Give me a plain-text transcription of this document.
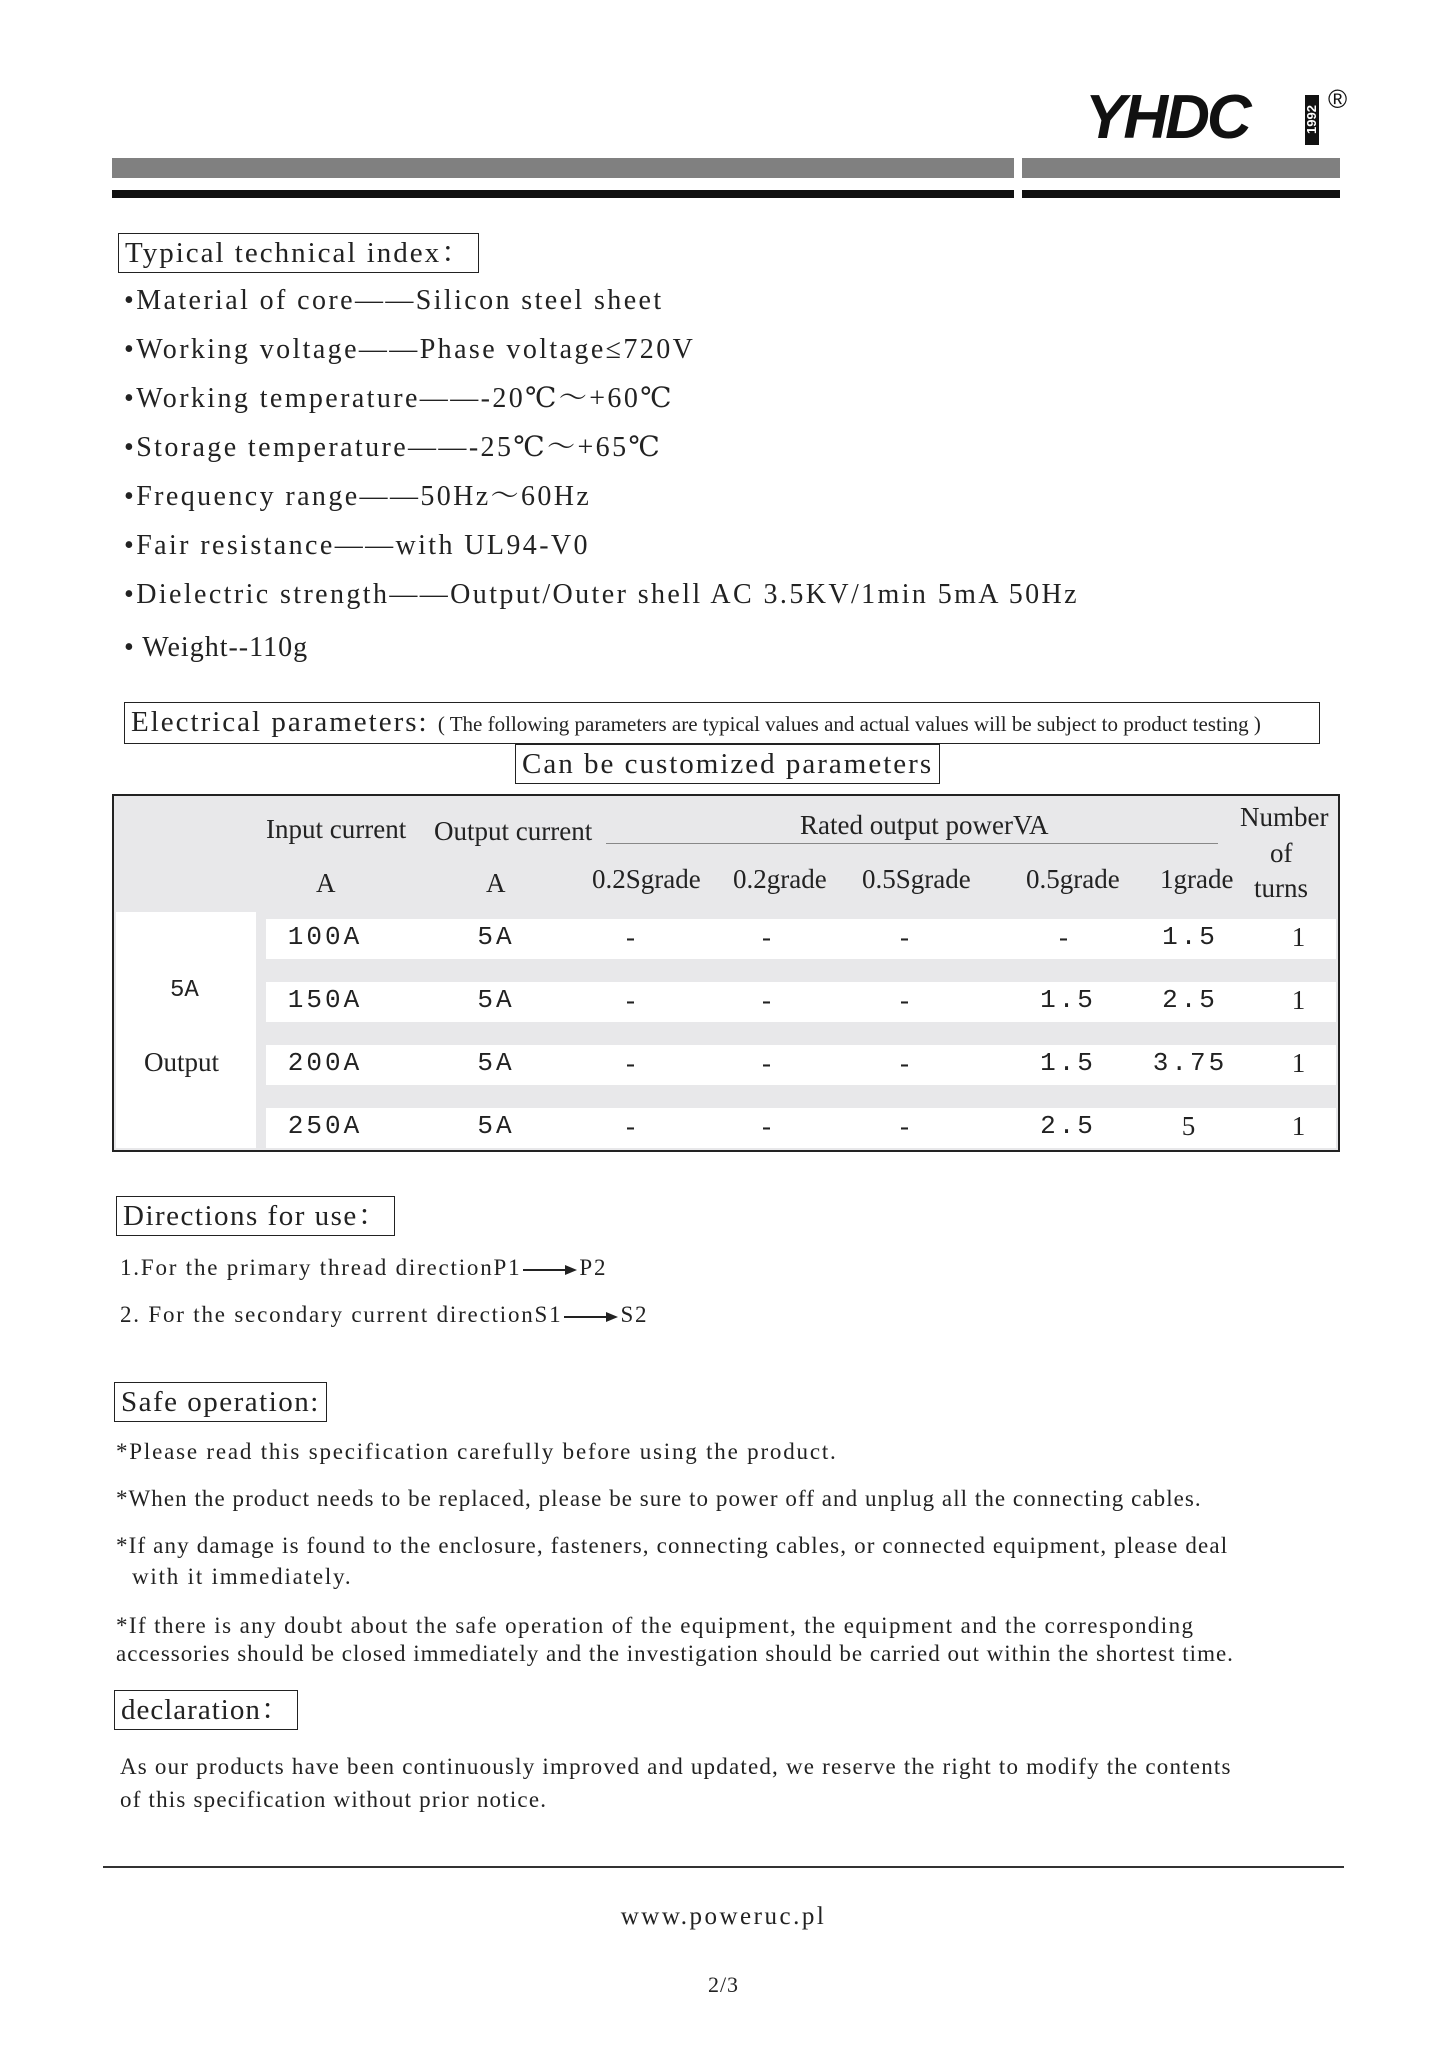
YHDC	1992
®
Typical technical index：
•Material of core——Silicon steel sheet
•Working voltage——Phase voltage≤720V
•Working temperature——-20℃～+60℃
•Storage temperature——-25℃～+65℃
•Frequency range——50Hz～60Hz
•Fair resistance——with UL94-V0
•Dielectric strength——Output/Outer shell AC 3.5KV/1min 5mA 50Hz
• Weight--110g
Electrical parameters: ( The following parameters are typical values and actual values will be subject to product testing )
Can be customized parameters
Input current Output current	Rated output powerVA	Number
of
turns
A	A	0.2Sgrade 0.2grade 0.5Sgrade 0.5grade 1grade
5A
Output
100A	5A	-	-	-	-	1.5	1
150A	5A	-	-	-	1.5	2.5	1
200A	5A	-	-	-	1.5	3.75	1
250A	5A	-	-	-	2.5	5	1
Directions for use：
1.For the primary thread directionP1	P2
2. For the secondary current directionS1	S2
Safe operation:
*Please read this specification carefully before using the product.
*When the product needs to be replaced, please be sure to power off and unplug all the connecting cables.
*If any damage is found to the enclosure, fasteners, connecting cables, or connected equipment, please deal
with it immediately.
*If there is any doubt about the safe operation of the equipment, the equipment and the corresponding
accessories should be closed immediately and the investigation should be carried out within the shortest time.
declaration：
As our products have been continuously improved and updated, we reserve the right to modify the contents
of this specification without prior notice.
www.poweruc.pl
2/3
